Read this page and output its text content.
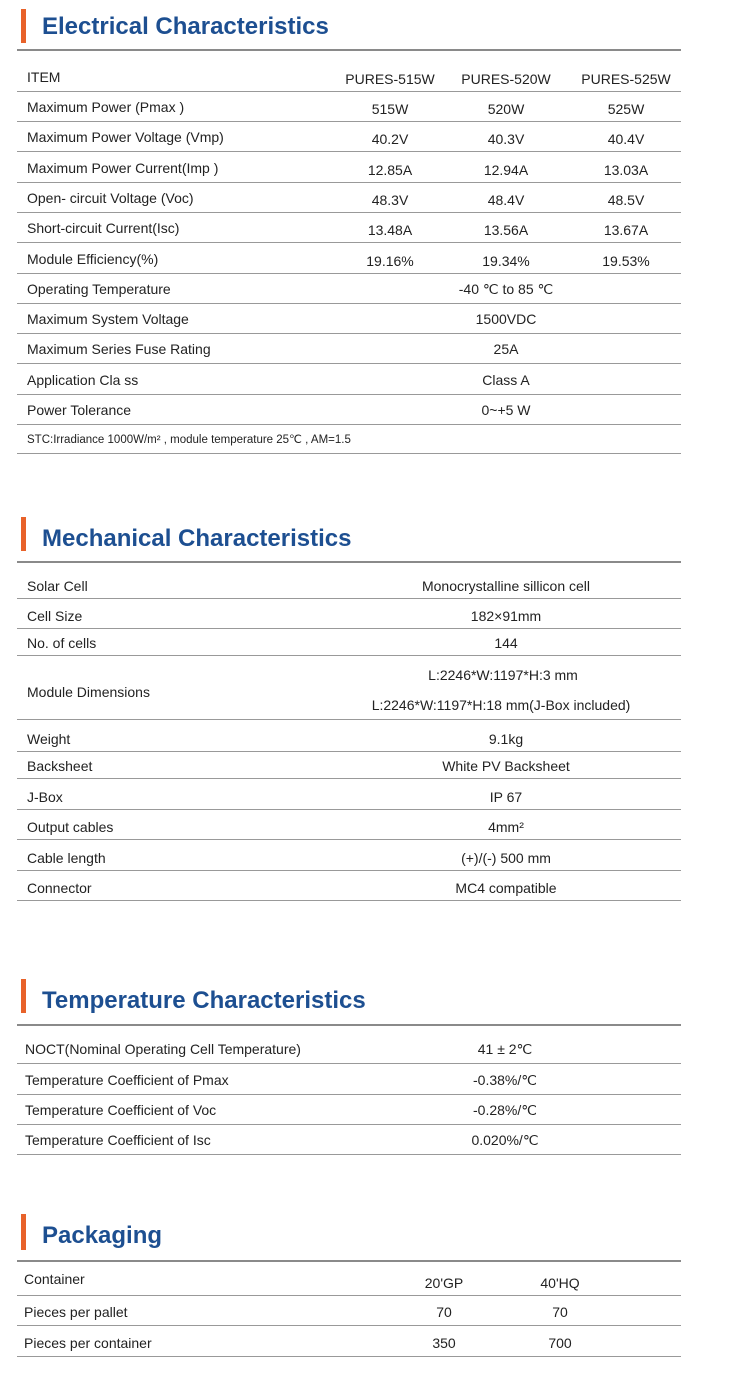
Electrical Characteristics
ITEM	PURES-515W PURES-520W PURES-525W
Maximum Power (Pmax )	515W	520W	525W
Maximum Power Voltage (Vmp)	40.2V	40.3V	40.4V
Maximum Power Current(Imp )	12.85A	12.94A	13.03A
Open- circuit Voltage (Voc)	48.3V	48.4V	48.5V
Short-circuit Current(Isc)	13.48A	13.56A	13.67A
Module Efficiency(%)	19.16%	19.34%	19.53%
Operating Temperature	-40 ℃ to 85 ℃
Maximum System Voltage	1500VDC
Maximum Series Fuse Rating	25A
Application Cla ss	Class A
Power Tolerance	0~+5 W
STC:Irradiance 1000W/m² , module temperature 25℃ , AM=1.5
Mechanical Characteristics
Solar Cell	Monocrystalline sillicon cell
Cell Size	182×91mm
No. of cells	144
Module Dimensions
L:2246*W:1197*H:3 mm
L:2246*W:1197*H:18 mm(J-Box included)
Weight	9.1kg
Backsheet	White PV Backsheet
J-Box	IP 67
Output cables	4mm²
Cable length	(+)/(-) 500 mm
Connector	MC4 compatible
Temperature Characteristics
NOCT(Nominal Operating Cell Temperature)	41 ± 2℃
Temperature Coefficient of Pmax	-0.38%/℃
Temperature Coefficient of Voc	-0.28%/℃
Temperature Coefficient of Isc	0.020%/℃
Packaging
Container	20'GP	40'HQ
Pieces per pallet	70	70
Pieces per container	350	700
